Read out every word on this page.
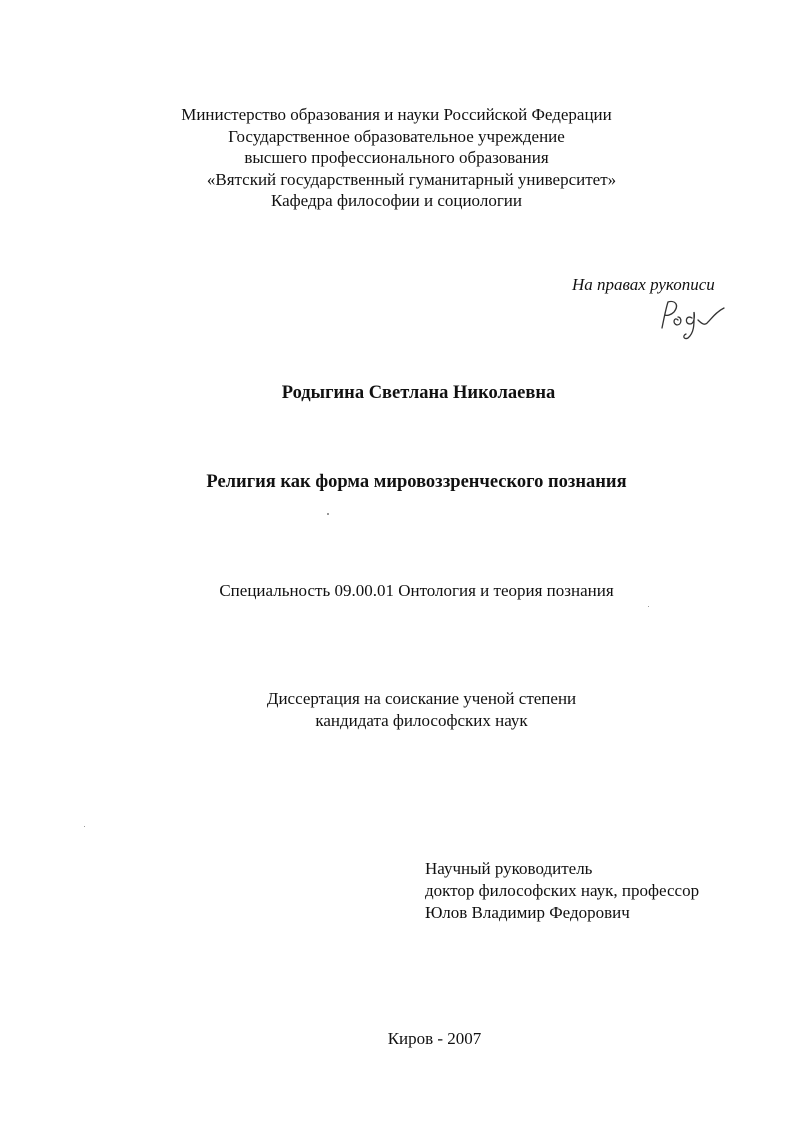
Министерство образования и науки Российской Федерации
Государственное образовательное учреждение
высшего профессионального образования
«Вятский государственный гуманитарный университет»
Кафедра философии и социологии
На правах рукописи
Родыгина Светлана Николаевна
Религия как форма мировоззренческого познания
Специальность 09.00.01 Онтология и теория познания
Диссертация на соискание ученой степени
кандидата философских наук
Научный руководитель
доктор философских наук, профессор
Юлов Владимир Федорович
Киров - 2007
